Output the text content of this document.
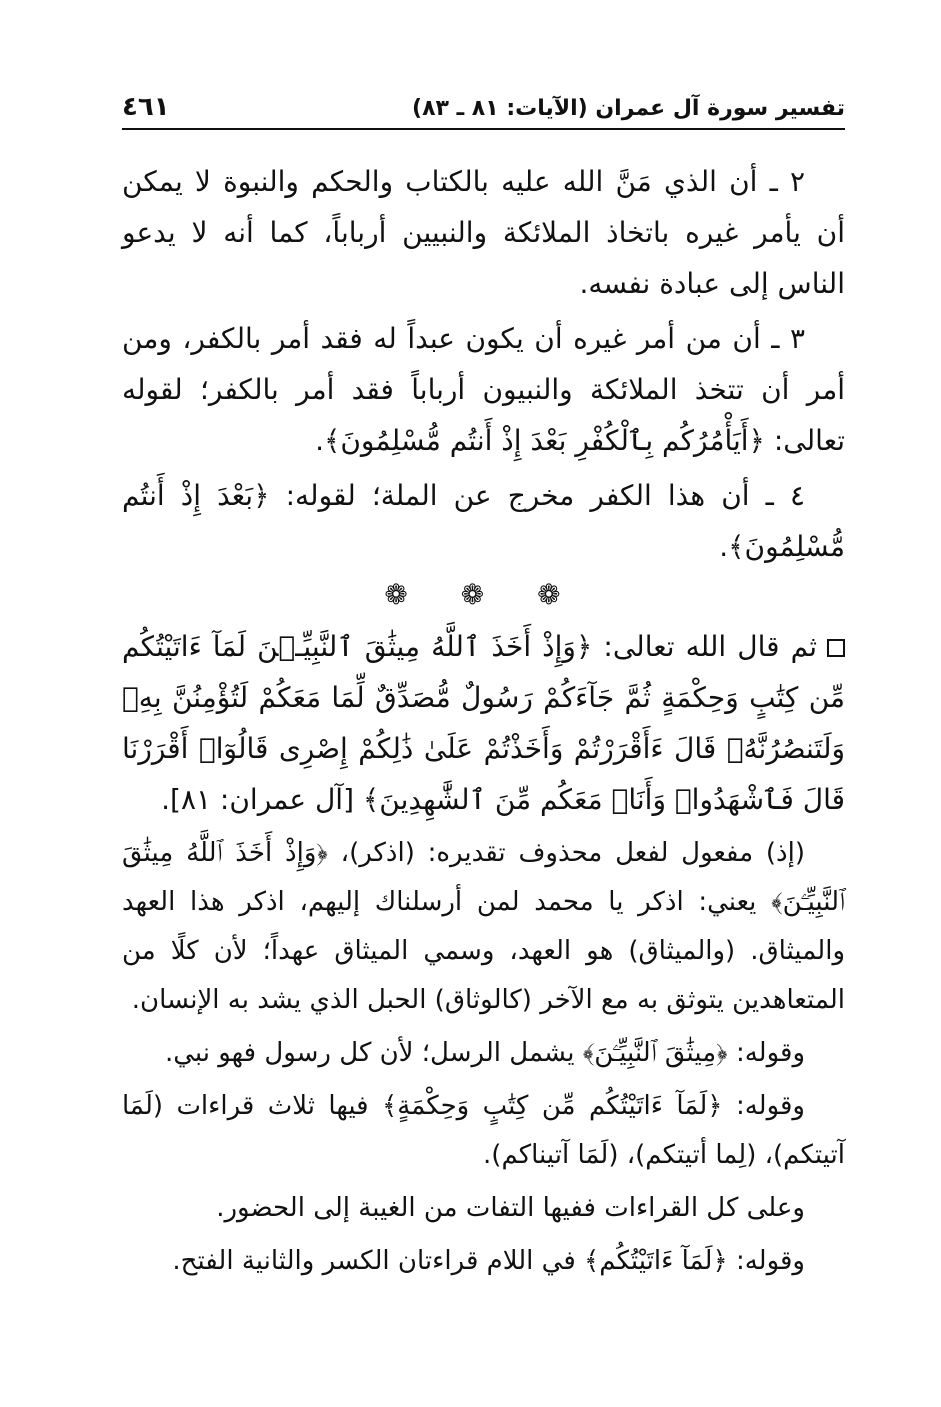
تفسير سورة آل عمران (الآيات: ٨١ ـ ٨٣)
٤٦١

٢ ـ أن الذي مَنَّ الله عليه بالكتاب والحكم والنبوة لا يمكن أن يأمر غيره باتخاذ الملائكة والنبيين أرباباً، كما أنه لا يدعو الناس إلى عبادة نفسه.

٣ ـ أن من أمر غيره أن يكون عبداً له فقد أمر بالكفر، ومن أمر أن تتخذ الملائكة والنبيون أرباباً فقد أمر بالكفر؛ لقوله تعالى: ﴿أَيَأْمُرُكُم بِٱلْكُفْرِ بَعْدَ إِذْ أَنتُم مُّسْلِمُونَ﴾.

٤ ـ أن هذا الكفر مخرج عن الملة؛ لقوله: ﴿بَعْدَ إِذْ أَنتُم مُّسْلِمُونَ﴾.

❁ ❁ ❁

ثم قال الله تعالى: ﴿وَإِذْ أَخَذَ ٱللَّهُ مِيثَٰقَ ٱلنَّبِيِّـۧنَ لَمَآ ءَاتَيْتُكُم مِّن كِتَٰبٍ وَحِكْمَةٍ ثُمَّ جَآءَكُمْ رَسُولٌ مُّصَدِّقٌ لِّمَا مَعَكُمْ لَتُؤْمِنُنَّ بِهِۦ وَلَتَنصُرُنَّهُۥ قَالَ ءَأَقْرَرْتُمْ وَأَخَذْتُمْ عَلَىٰ ذَٰلِكُمْ إِصْرِى قَالُوٓا۟ أَقْرَرْنَا قَالَ فَٱشْهَدُوا۟ وَأَنَا۠ مَعَكُم مِّنَ ٱلشَّٰهِدِينَ﴾ [آل عمران: ٨١].

(إذ) مفعول لفعل محذوف تقديره: (اذكر)، ﴿وَإِذْ أَخَذَ ٱللَّهُ مِيثَٰقَ ٱلنَّبِيِّـۧنَ﴾ يعني: اذكر يا محمد لمن أرسلناك إليهم، اذكر هذا العهد والميثاق. (والميثاق) هو العهد، وسمي الميثاق عهداً؛ لأن كلًا من المتعاهدين يتوثق به مع الآخر (كالوثاق) الحبل الذي يشد به الإنسان.

وقوله: ﴿مِيثَٰقَ ٱلنَّبِيِّـۧنَ﴾ يشمل الرسل؛ لأن كل رسول فهو نبي.

وقوله: ﴿لَمَآ ءَاتَيْتُكُم مِّن كِتَٰبٍ وَحِكْمَةٍ﴾ فيها ثلاث قراءات (لَمَا آتيتكم)، (لِما أتيتكم)، (لَمَا آتيناكم).

وعلى كل القراءات ففيها التفات من الغيبة إلى الحضور.

وقوله: ﴿لَمَآ ءَاتَيْتُكُم﴾ في اللام قراءتان الكسر والثانية الفتح.
